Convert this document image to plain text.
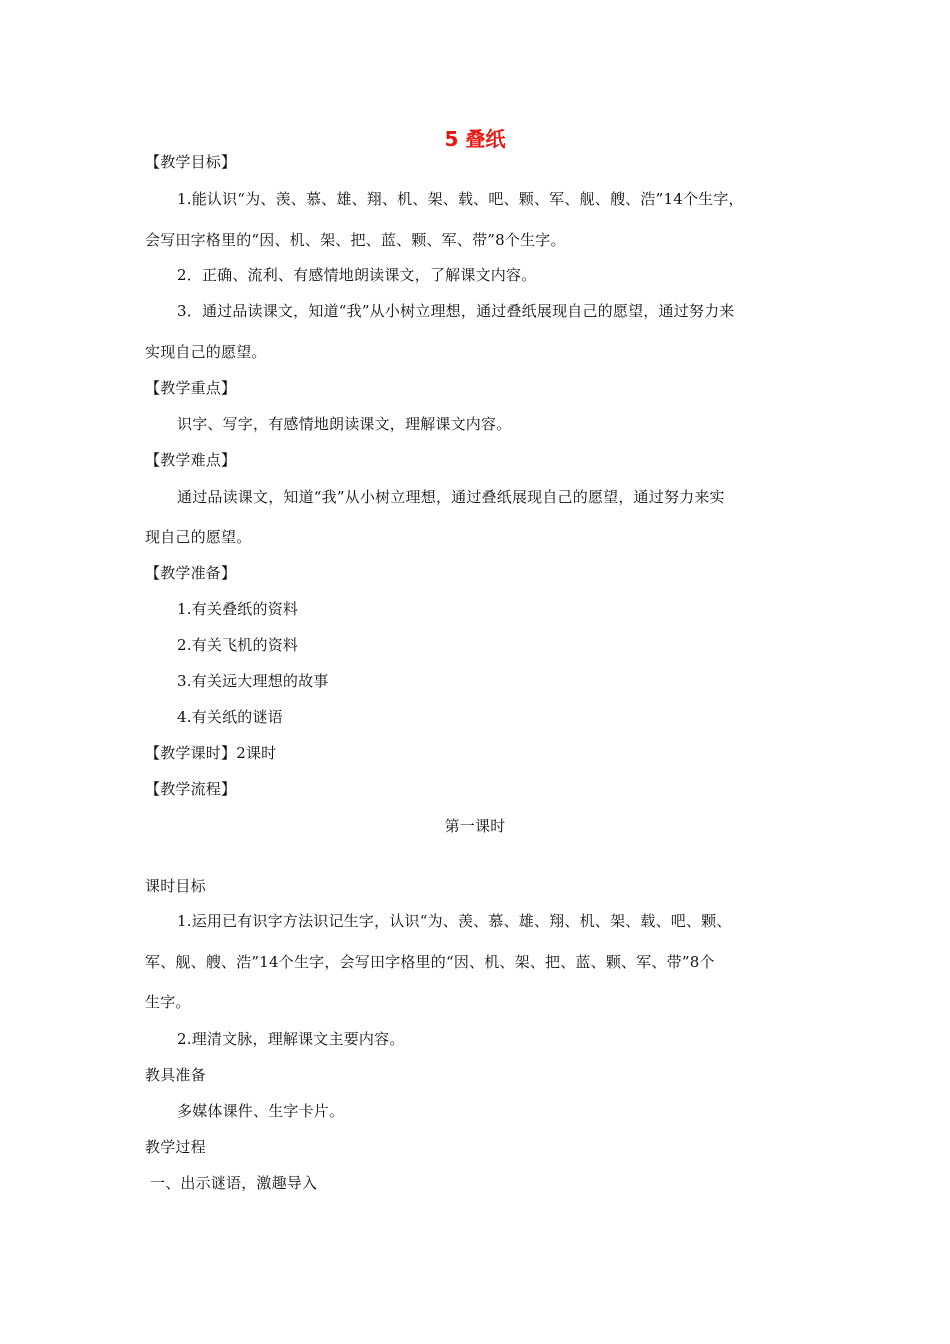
5 叠纸
【教学目标】
1.能认识“为、羡、慕、雄、翔、机、架、载、吧、颗、军、舰、艘、浩”14个生字，
会写田字格里的“因、机、架、把、蓝、颗、军、带”8个生字。
2．正确、流利、有感情地朗读课文，了解课文内容。
3．通过品读课文，知道“我”从小树立理想，通过叠纸展现自己的愿望，通过努力来
实现自己的愿望。
【教学重点】
识字、写字，有感情地朗读课文，理解课文内容。
【教学难点】
通过品读课文，知道“我”从小树立理想，通过叠纸展现自己的愿望，通过努力来实
现自己的愿望。
【教学准备】
1.有关叠纸的资料
2.有关飞机的资料
3.有关远大理想的故事
4.有关纸的谜语
【教学课时】2课时
【教学流程】
第一课时
课时目标
1.运用已有识字方法识记生字，认识“为、羡、慕、雄、翔、机、架、载、吧、颗、
军、舰、艘、浩”14个生字，会写田字格里的“因、机、架、把、蓝、颗、军、带”8个
生字。
2.理清文脉，理解课文主要内容。
教具准备
多媒体课件、生字卡片。
教学过程
一、出示谜语，激趣导入
